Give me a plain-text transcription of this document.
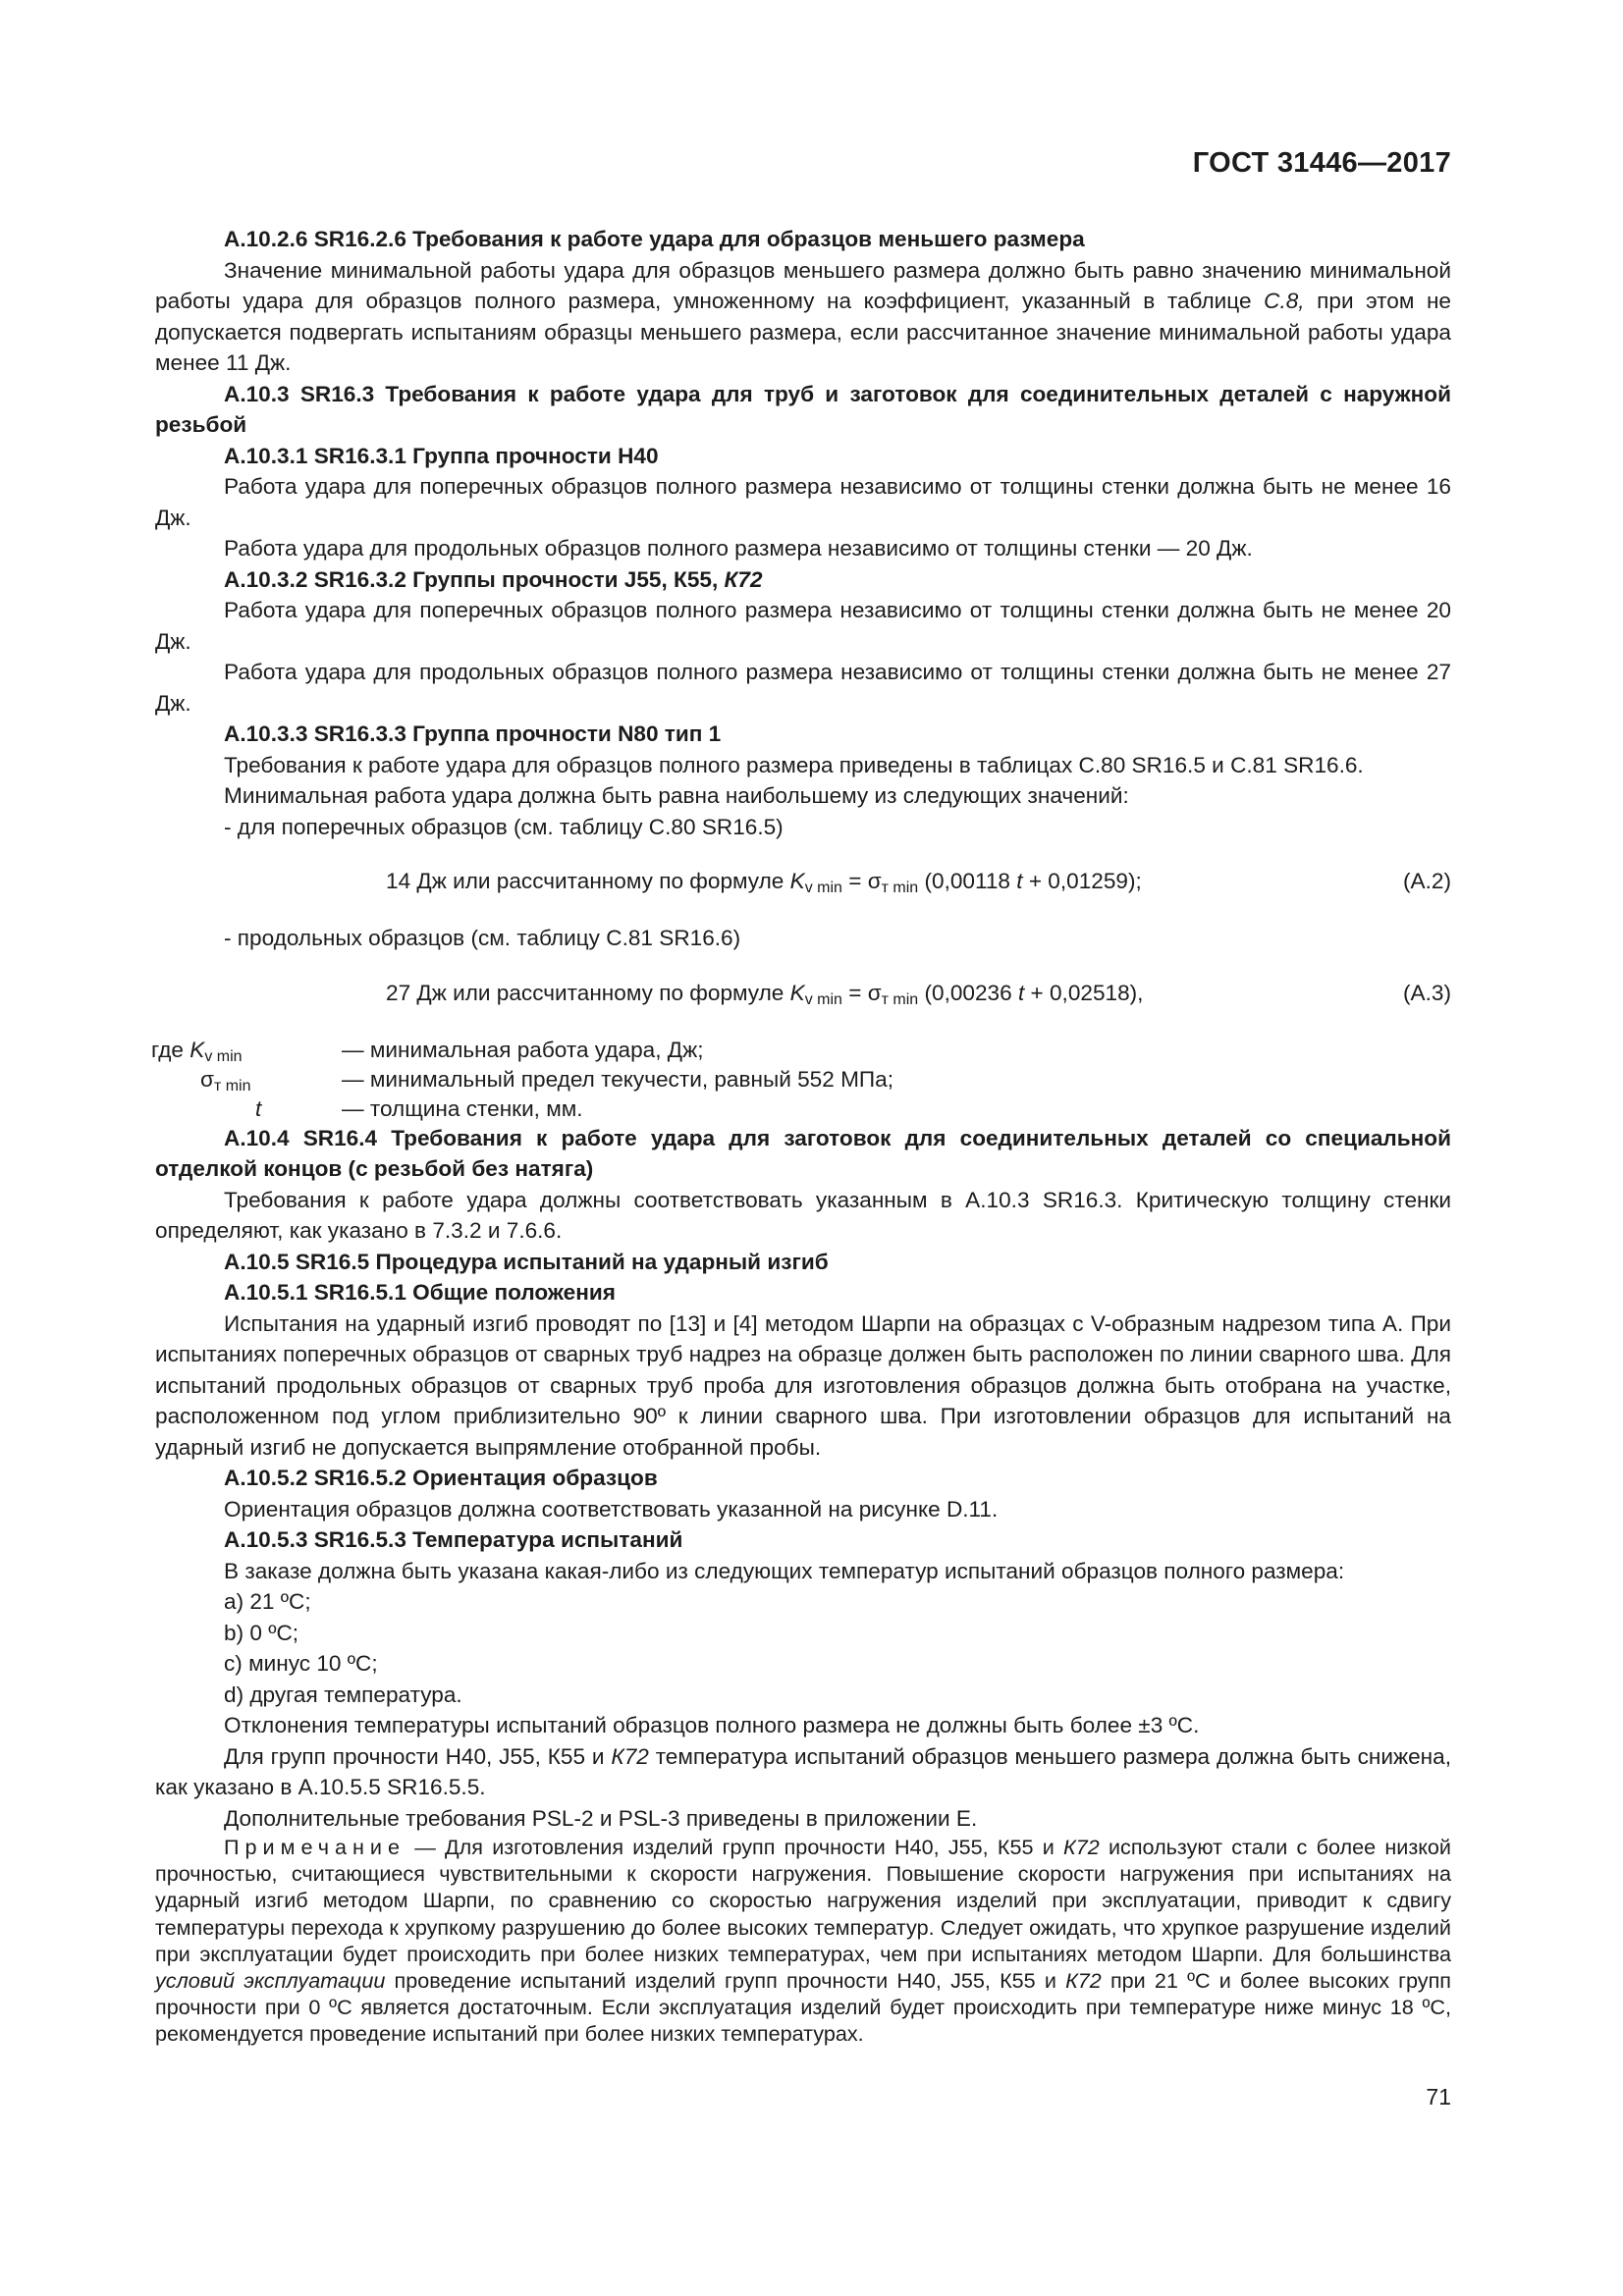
ГОСТ 31446—2017

А.10.2.6 SR16.2.6 Требования к работе удара для образцов меньшего размера

Значение минимальной работы удара для образцов меньшего размера должно быть равно значению минимальной работы удара для образцов полного размера, умноженному на коэффициент, указанный в таблице С.8, при этом не допускается подвергать испытаниям образцы меньшего размера, если рассчитанное значение минимальной работы удара менее 11 Дж.

А.10.3 SR16.3 Требования к работе удара для труб и заготовок для соединительных деталей с наружной резьбой

А.10.3.1 SR16.3.1 Группа прочности Н40

Работа удара для поперечных образцов полного размера независимо от толщины стенки должна быть не менее 16 Дж.

Работа удара для продольных образцов полного размера независимо от толщины стенки — 20 Дж.

А.10.3.2 SR16.3.2 Группы прочности J55, К55, К72

Работа удара для поперечных образцов полного размера независимо от толщины стенки должна быть не менее 20 Дж.

Работа удара для продольных образцов полного размера независимо от толщины стенки должна быть не менее 27 Дж.

А.10.3.3 SR16.3.3 Группа прочности N80 тип 1

Требования к работе удара для образцов полного размера приведены в таблицах С.80 SR16.5 и С.81 SR16.6.

Минимальная работа удара должна быть равна наибольшему из следующих значений:

- для поперечных образцов (см. таблицу С.80 SR16.5)

14 Дж или рассчитанному по формуле $K_{v min} = \sigma_{т min}$ (0,00118 t + 0,01259);	(А.2)

- продольных образцов (см. таблицу С.81 SR16.6)

27 Дж или рассчитанному по формуле $K_{v min} = \sigma_{т min}$ (0,00236 t + 0,02518),	(А.3)
где $K_{v min}$	— минимальная работа удара, Дж;
$\sigma_{т min}$	— минимальный предел текучести, равный 552 МПа;
t	— толщина стенки, мм.

А.10.4 SR16.4 Требования к работе удара для заготовок для соединительных деталей со специальной отделкой концов (с резьбой без натяга)

Требования к работе удара должны соответствовать указанным в А.10.3 SR16.3. Критическую толщину стенки определяют, как указано в 7.3.2 и 7.6.6.

А.10.5 SR16.5 Процедура испытаний на ударный изгиб

А.10.5.1 SR16.5.1 Общие положения

Испытания на ударный изгиб проводят по [13] и [4] методом Шарпи на образцах с V-образным надрезом типа А. При испытаниях поперечных образцов от сварных труб надрез на образце должен быть расположен по линии сварного шва. Для испытаний продольных образцов от сварных труб проба для изготовления образцов должна быть отобрана на участке, расположенном под углом приблизительно 90º к линии сварного шва. При изготовлении образцов для испытаний на ударный изгиб не допускается выпрямление отобранной пробы.

А.10.5.2 SR16.5.2 Ориентация образцов

Ориентация образцов должна соответствовать указанной на рисунке D.11.

А.10.5.3 SR16.5.3 Температура испытаний

В заказе должна быть указана какая-либо из следующих температур испытаний образцов полного размера:

а) 21 ºС;

b) 0 ºС;

с) минус 10 ºС;

d) другая температура.

Отклонения температуры испытаний образцов полного размера не должны быть более ±3 ºС.

Для групп прочности Н40, J55, К55 и К72 температура испытаний образцов меньшего размера должна быть снижена, как указано в А.10.5.5 SR16.5.5.

Дополнительные требования PSL-2 и PSL-3 приведены в приложении Е.

Примечание — Для изготовления изделий групп прочности Н40, J55, К55 и К72 используют стали с более низкой прочностью, считающиеся чувствительными к скорости нагружения. Повышение скорости нагружения при испытаниях на ударный изгиб методом Шарпи, по сравнению со скоростью нагружения изделий при эксплуатации, приводит к сдвигу температуры перехода к хрупкому разрушению до более высоких температур. Следует ожидать, что хрупкое разрушение изделий при эксплуатации будет происходить при более низких температурах, чем при испытаниях методом Шарпи. Для большинства условий эксплуатации проведение испытаний изделий групп прочности Н40, J55, К55 и К72 при 21 ºС и более высоких групп прочности при 0 ºС является достаточным. Если эксплуатация изделий будет происходить при температуре ниже минус 18 ºС, рекомендуется проведение испытаний при более низких температурах.

71
